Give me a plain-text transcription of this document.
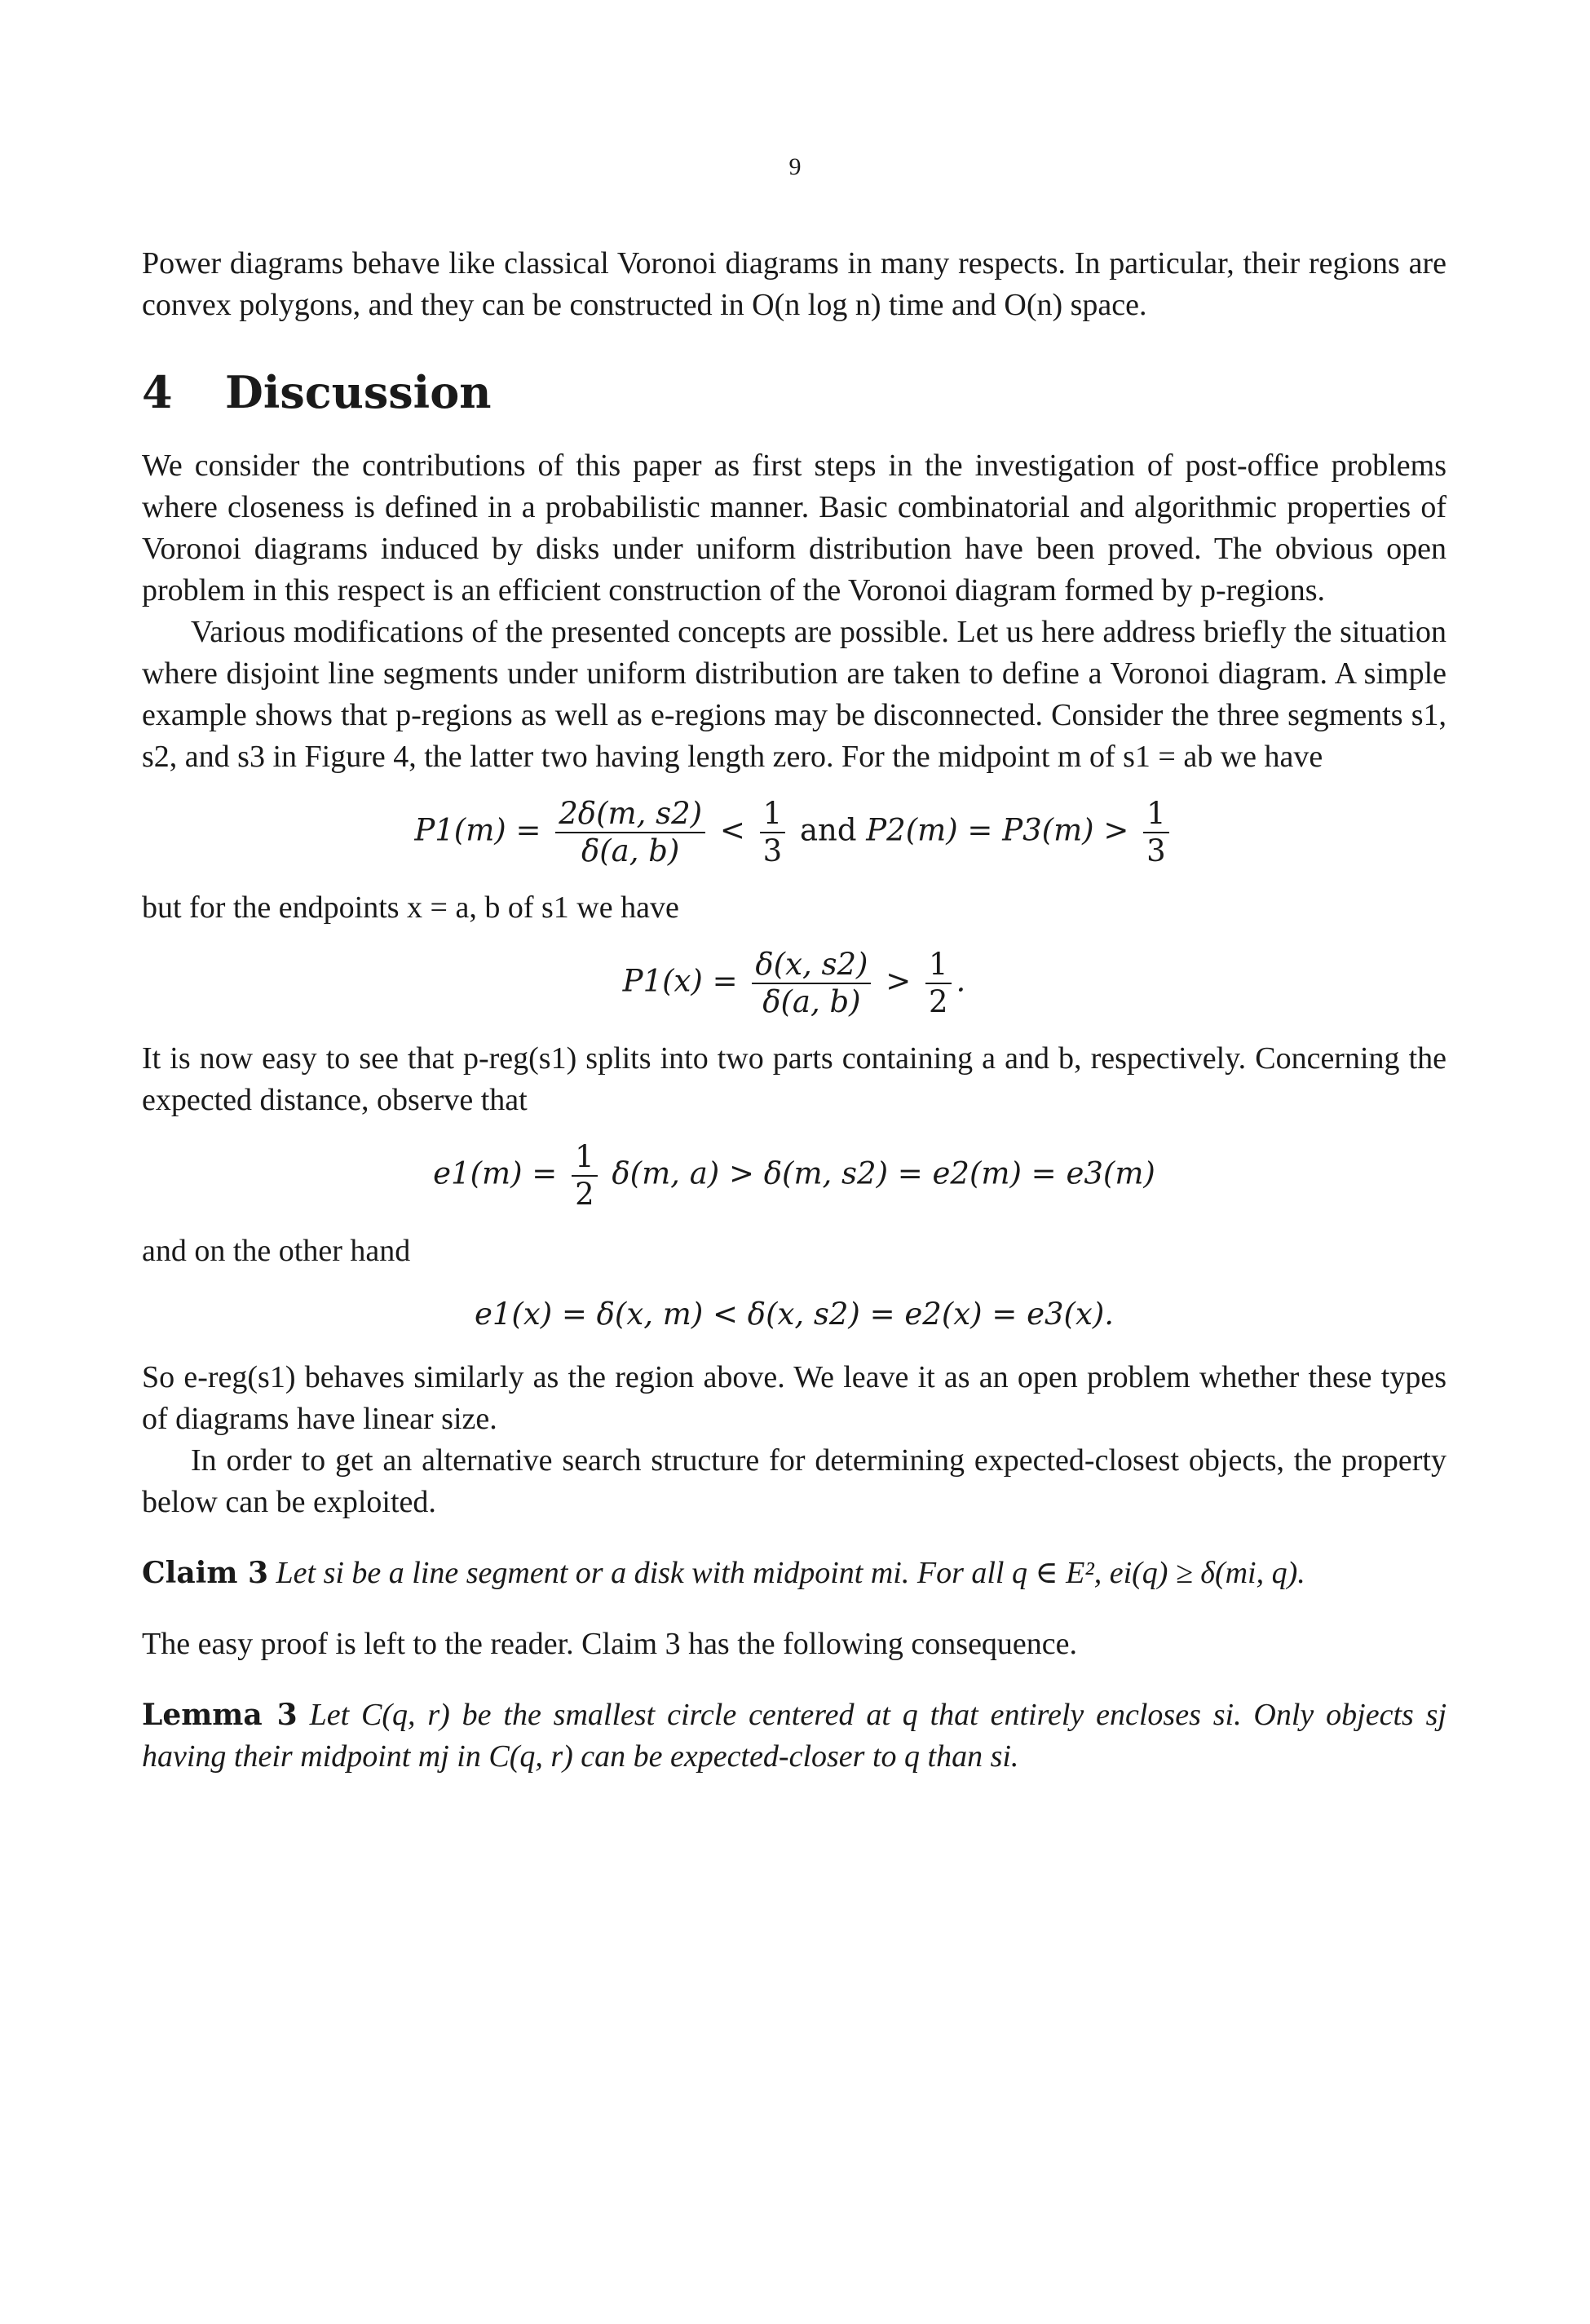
9

Power diagrams behave like classical Voronoi diagrams in many respects. In particular, their regions are convex polygons, and they can be constructed in O(n log n) time and O(n) space.

4 Discussion

We consider the contributions of this paper as first steps in the investigation of post-office problems where closeness is defined in a probabilistic manner. Basic combinatorial and algorithmic properties of Voronoi diagrams induced by disks under uniform distribution have been proved. The obvious open problem in this respect is an efficient construction of the Voronoi diagram formed by p-regions.

Various modifications of the presented concepts are possible. Let us here address briefly the situation where disjoint line segments under uniform distribution are taken to define a Voronoi diagram. A simple example shows that p-regions as well as e-regions may be disconnected. Consider the three segments s1, s2, and s3 in Figure 4, the latter two having length zero. For the midpoint m of s1 = ab we have

$P1(m) = \frac{2\delta(m, s2)}{\delta(a, b)} < \frac{1}{3}$ and $P2(m) = P3(m) > \frac{1}{3}$

but for the endpoints x = a, b of s1 we have

$P1(x) = \frac{\delta(x, s2)}{\delta(a, b)} > \frac{1}{2}$ .

It is now easy to see that p-reg(s1) splits into two parts containing a and b, respectively. Concerning the expected distance, observe that

$e1(m) = \frac{1}{2} \delta(m$, a) > δ(m, s2) = e2(m) = e3(m)

and on the other hand

e1(x) = δ(x, m) < δ(x, s2) = e2(x) = e3(x).

So e-reg(s1) behaves similarly as the region above. We leave it as an open problem whether these types of diagrams have linear size.

In order to get an alternative search structure for determining expected-closest objects, the property below can be exploited.

Claim 3 Let si be a line segment or a disk with midpoint mi. For all q ∈ E², ei(q) ≥ δ(mi, q).

The easy proof is left to the reader. Claim 3 has the following consequence.

Lemma 3 Let C(q, r) be the smallest circle centered at q that entirely encloses si. Only objects sj having their midpoint mj in C(q, r) can be expected-closer to q than si.
